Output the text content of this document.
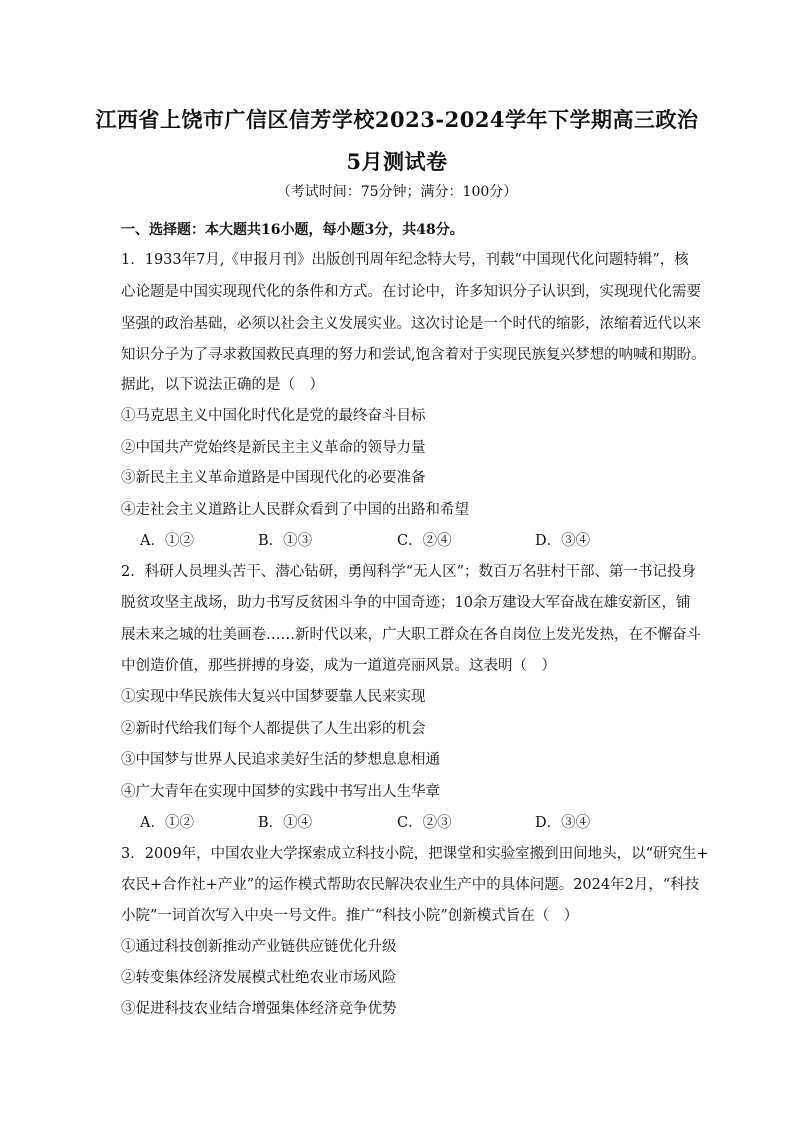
江西省上饶市广信区信芳学校2023-2024学年下学期高三政治
5月测试卷
（考试时间：75分钟；满分：100分）
一、选择题：本大题共16小题，每小题3分，共48分。
1．1933年7月,《申报月刊》出版创刊周年纪念特大号，刊载“中国现代化问题特辑”，核
心论题是中国实现现代化的条件和方式。在讨论中，许多知识分子认识到，实现现代化需要
坚强的政治基础，必须以社会主义发展实业。这次讨论是一个时代的缩影，浓缩着近代以来
知识分子为了寻求救国救民真理的努力和尝试,饱含着对于实现民族复兴梦想的呐喊和期盼。
据此，以下说法正确的是（　）
①马克思主义中国化时代化是党的最终奋斗目标
②中国共产党始终是新民主主义革命的领导力量
③新民主主义革命道路是中国现代化的必要准备
④走社会主义道路让人民群众看到了中国的出路和希望
A．①②	B．①③	C．②④	D．③④
2．科研人员埋头苦干、潜心钻研，勇闯科学“无人区”；数百万名驻村干部、第一书记投身
脱贫攻坚主战场，助力书写反贫困斗争的中国奇迹；10余万建设大军奋战在雄安新区，铺
展未来之城的壮美画卷……新时代以来，广大职工群众在各自岗位上发光发热，在不懈奋斗
中创造价值，那些拼搏的身姿，成为一道道亮丽风景。这表明（　）
①实现中华民族伟大复兴中国梦要靠人民来实现
②新时代给我们每个人都提供了人生出彩的机会
③中国梦与世界人民追求美好生活的梦想息息相通
④广大青年在实现中国梦的实践中书写出人生华章
A．①②	B．①④	C．②③	D．③④
3．2009年，中国农业大学探索成立科技小院，把课堂和实验室搬到田间地头，以“研究生+
农民+合作社+产业”的运作模式帮助农民解决农业生产中的具体问题。2024年2月，“科技
小院”一词首次写入中央一号文件。推广“科技小院”创新模式旨在（　）
①通过科技创新推动产业链供应链优化升级
②转变集体经济发展模式杜绝农业市场风险
③促进科技农业结合增强集体经济竞争优势
